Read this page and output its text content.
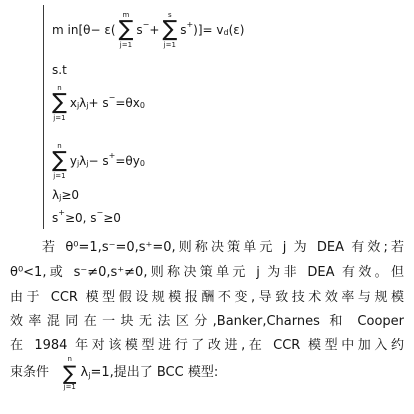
m in[θ− ε(
m
∑
j=1
s − +
s
∑
j=1
s + )]= v d (ε)
s.t
n
∑
j=1
x j λ j + s − =θx 0
n
∑
j=1
y j λ j − s + =θy 0
λ j ≥0
s + ≥0, s − ≥0
若 θ⁰=1,s⁻=0,s⁺=0,则称决策单元 j 为 DEA 有效;若
θ⁰<1,或 s⁻≠0,s⁺≠0,则称决策单元 j 为非 DEA 有效。但
由于 CCR 模型假设规模报酬不变,导致技术效率与规模
效率混同在一块无法区分,Banker,Charnes 和 Cooper
在 1984 年对该模型进行了改进,在 CCR 模型中加入约
束条件
n
∑
j=1
λ j =1,提出了 BCC 模型:
